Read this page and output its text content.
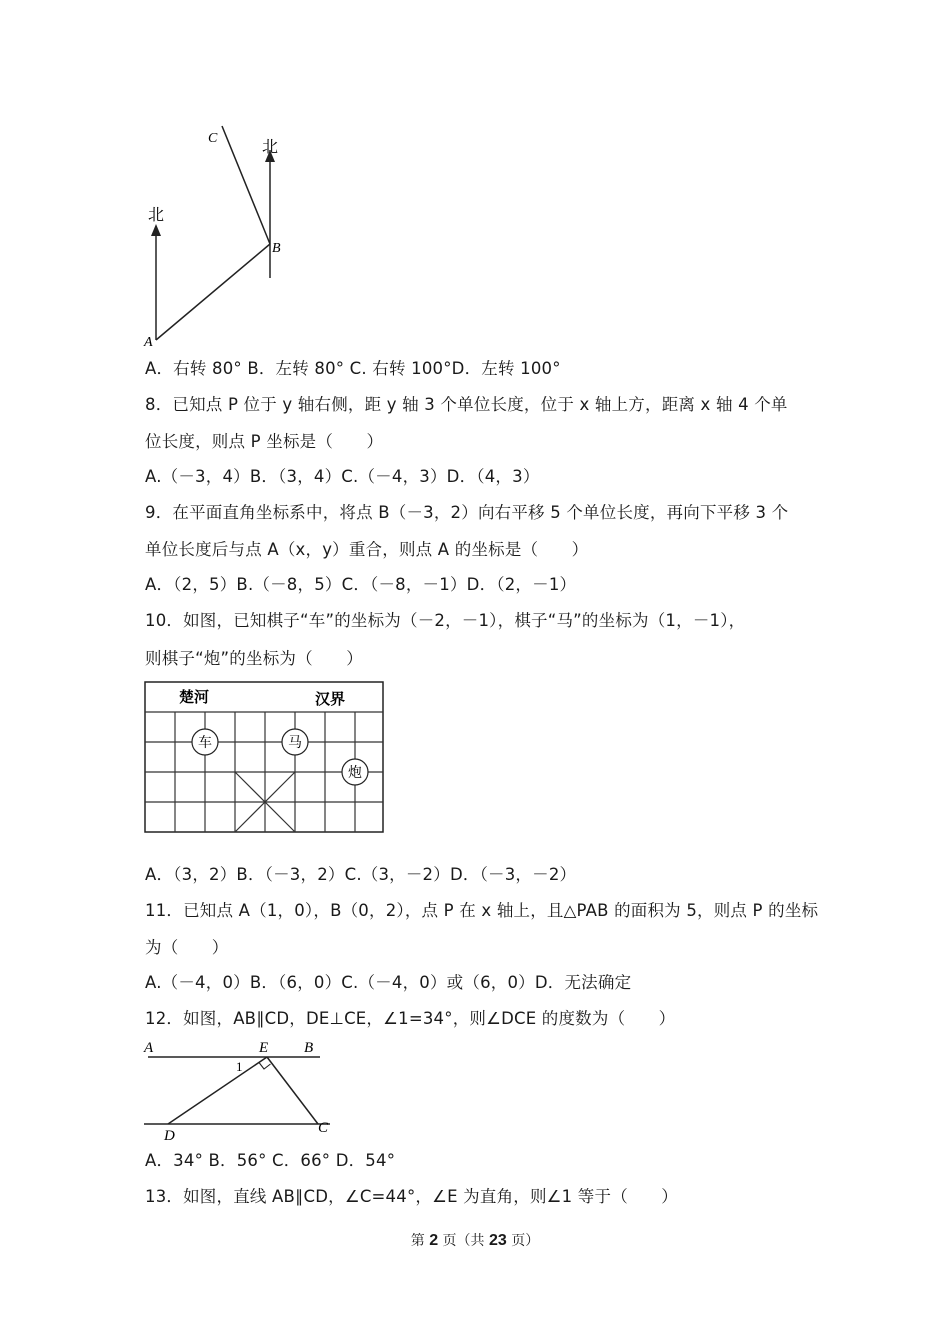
北
北
A
B
C
A．右转 80° B．左转 80° C. 右转 100°D．左转 100°
8．已知点 P 位于 y 轴右侧，距 y 轴 3 个单位长度，位于 x 轴上方，距离 x 轴 4 个单
位长度，则点 P 坐标是（　　）
A.（－3，4）B．（3，4）C.（－4，3）D．（4，3）
9．在平面直角坐标系中，将点 B（－3，2）向右平移 5 个单位长度，再向下平移 3 个
单位长度后与点 A（x，y）重合，则点 A 的坐标是（　　）
A．（2，5）B.（－8，5）C．（－8，－1）D．（2，－1）
10．如图，已知棋子“车”的坐标为（－2，－1），棋子“马”的坐标为（1，－1），
则棋子“炮”的坐标为（　　）
楚河	汉界
车	马
炮
A．（3，2）B．（－3，2）C.（3，－2）D．（－3，－2）
11．已知点 A（1，0），B（0，2），点 P 在 x 轴上，且△PAB 的面积为 5，则点 P 的坐标
为（　　）
A.（－4，0）B．（6，0）C.（－4，0）或（6，0）D．无法确定
12．如图，AB∥CD，DE⊥CE，∠1=34°，则∠DCE 的度数为（　　）
A	E B
1
D	C
A．34° B．56° C．66° D．54°
13．如图，直线 AB∥CD，∠C=44°，∠E 为直角，则∠1 等于（　　）
第 2 页（共 23 页）
